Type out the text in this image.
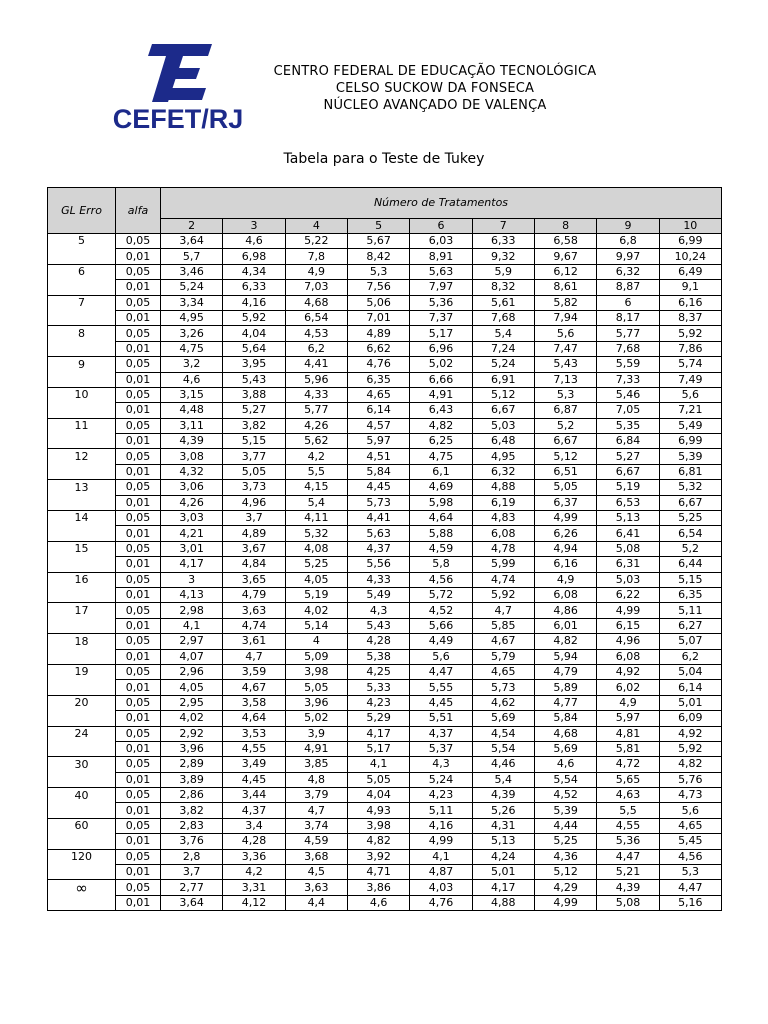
CEFET/RJ
CENTRO FEDERAL DE EDUCAÇÃO TECNOLÓGICA
CELSO SUCKOW DA FONSECA
NÚCLEO AVANÇADO DE VALENÇA
Tabela para o Teste de Tukey
GL Erro	alfa	Número de Tratamentos								
		2	3	4	5	6	7	8	9	10
5	0,05	3,64	4,6	5,22	5,67	6,03	6,33	6,58	6,8	6,99
	0,01	5,7	6,98	7,8	8,42	8,91	9,32	9,67	9,97	10,24
6	0,05	3,46	4,34	4,9	5,3	5,63	5,9	6,12	6,32	6,49
	0,01	5,24	6,33	7,03	7,56	7,97	8,32	8,61	8,87	9,1
7	0,05	3,34	4,16	4,68	5,06	5,36	5,61	5,82	6	6,16
	0,01	4,95	5,92	6,54	7,01	7,37	7,68	7,94	8,17	8,37
8	0,05	3,26	4,04	4,53	4,89	5,17	5,4	5,6	5,77	5,92
	0,01	4,75	5,64	6,2	6,62	6,96	7,24	7,47	7,68	7,86
9	0,05	3,2	3,95	4,41	4,76	5,02	5,24	5,43	5,59	5,74
	0,01	4,6	5,43	5,96	6,35	6,66	6,91	7,13	7,33	7,49
10	0,05	3,15	3,88	4,33	4,65	4,91	5,12	5,3	5,46	5,6
	0,01	4,48	5,27	5,77	6,14	6,43	6,67	6,87	7,05	7,21
11	0,05	3,11	3,82	4,26	4,57	4,82	5,03	5,2	5,35	5,49
	0,01	4,39	5,15	5,62	5,97	6,25	6,48	6,67	6,84	6,99
12	0,05	3,08	3,77	4,2	4,51	4,75	4,95	5,12	5,27	5,39
	0,01	4,32	5,05	5,5	5,84	6,1	6,32	6,51	6,67	6,81
13	0,05	3,06	3,73	4,15	4,45	4,69	4,88	5,05	5,19	5,32
	0,01	4,26	4,96	5,4	5,73	5,98	6,19	6,37	6,53	6,67
14	0,05	3,03	3,7	4,11	4,41	4,64	4,83	4,99	5,13	5,25
	0,01	4,21	4,89	5,32	5,63	5,88	6,08	6,26	6,41	6,54
15	0,05	3,01	3,67	4,08	4,37	4,59	4,78	4,94	5,08	5,2
	0,01	4,17	4,84	5,25	5,56	5,8	5,99	6,16	6,31	6,44
16	0,05	3	3,65	4,05	4,33	4,56	4,74	4,9	5,03	5,15
	0,01	4,13	4,79	5,19	5,49	5,72	5,92	6,08	6,22	6,35
17	0,05	2,98	3,63	4,02	4,3	4,52	4,7	4,86	4,99	5,11
	0,01	4,1	4,74	5,14	5,43	5,66	5,85	6,01	6,15	6,27
18	0,05	2,97	3,61	4	4,28	4,49	4,67	4,82	4,96	5,07
	0,01	4,07	4,7	5,09	5,38	5,6	5,79	5,94	6,08	6,2
19	0,05	2,96	3,59	3,98	4,25	4,47	4,65	4,79	4,92	5,04
	0,01	4,05	4,67	5,05	5,33	5,55	5,73	5,89	6,02	6,14
20	0,05	2,95	3,58	3,96	4,23	4,45	4,62	4,77	4,9	5,01
	0,01	4,02	4,64	5,02	5,29	5,51	5,69	5,84	5,97	6,09
24	0,05	2,92	3,53	3,9	4,17	4,37	4,54	4,68	4,81	4,92
	0,01	3,96	4,55	4,91	5,17	5,37	5,54	5,69	5,81	5,92
30	0,05	2,89	3,49	3,85	4,1	4,3	4,46	4,6	4,72	4,82
	0,01	3,89	4,45	4,8	5,05	5,24	5,4	5,54	5,65	5,76
40	0,05	2,86	3,44	3,79	4,04	4,23	4,39	4,52	4,63	4,73
	0,01	3,82	4,37	4,7	4,93	5,11	5,26	5,39	5,5	5,6
60	0,05	2,83	3,4	3,74	3,98	4,16	4,31	4,44	4,55	4,65
	0,01	3,76	4,28	4,59	4,82	4,99	5,13	5,25	5,36	5,45
120	0,05	2,8	3,36	3,68	3,92	4,1	4,24	4,36	4,47	4,56
	0,01	3,7	4,2	4,5	4,71	4,87	5,01	5,12	5,21	5,3
∞	0,05	2,77	3,31	3,63	3,86	4,03	4,17	4,29	4,39	4,47
	0,01	3,64	4,12	4,4	4,6	4,76	4,88	4,99	5,08	5,16
